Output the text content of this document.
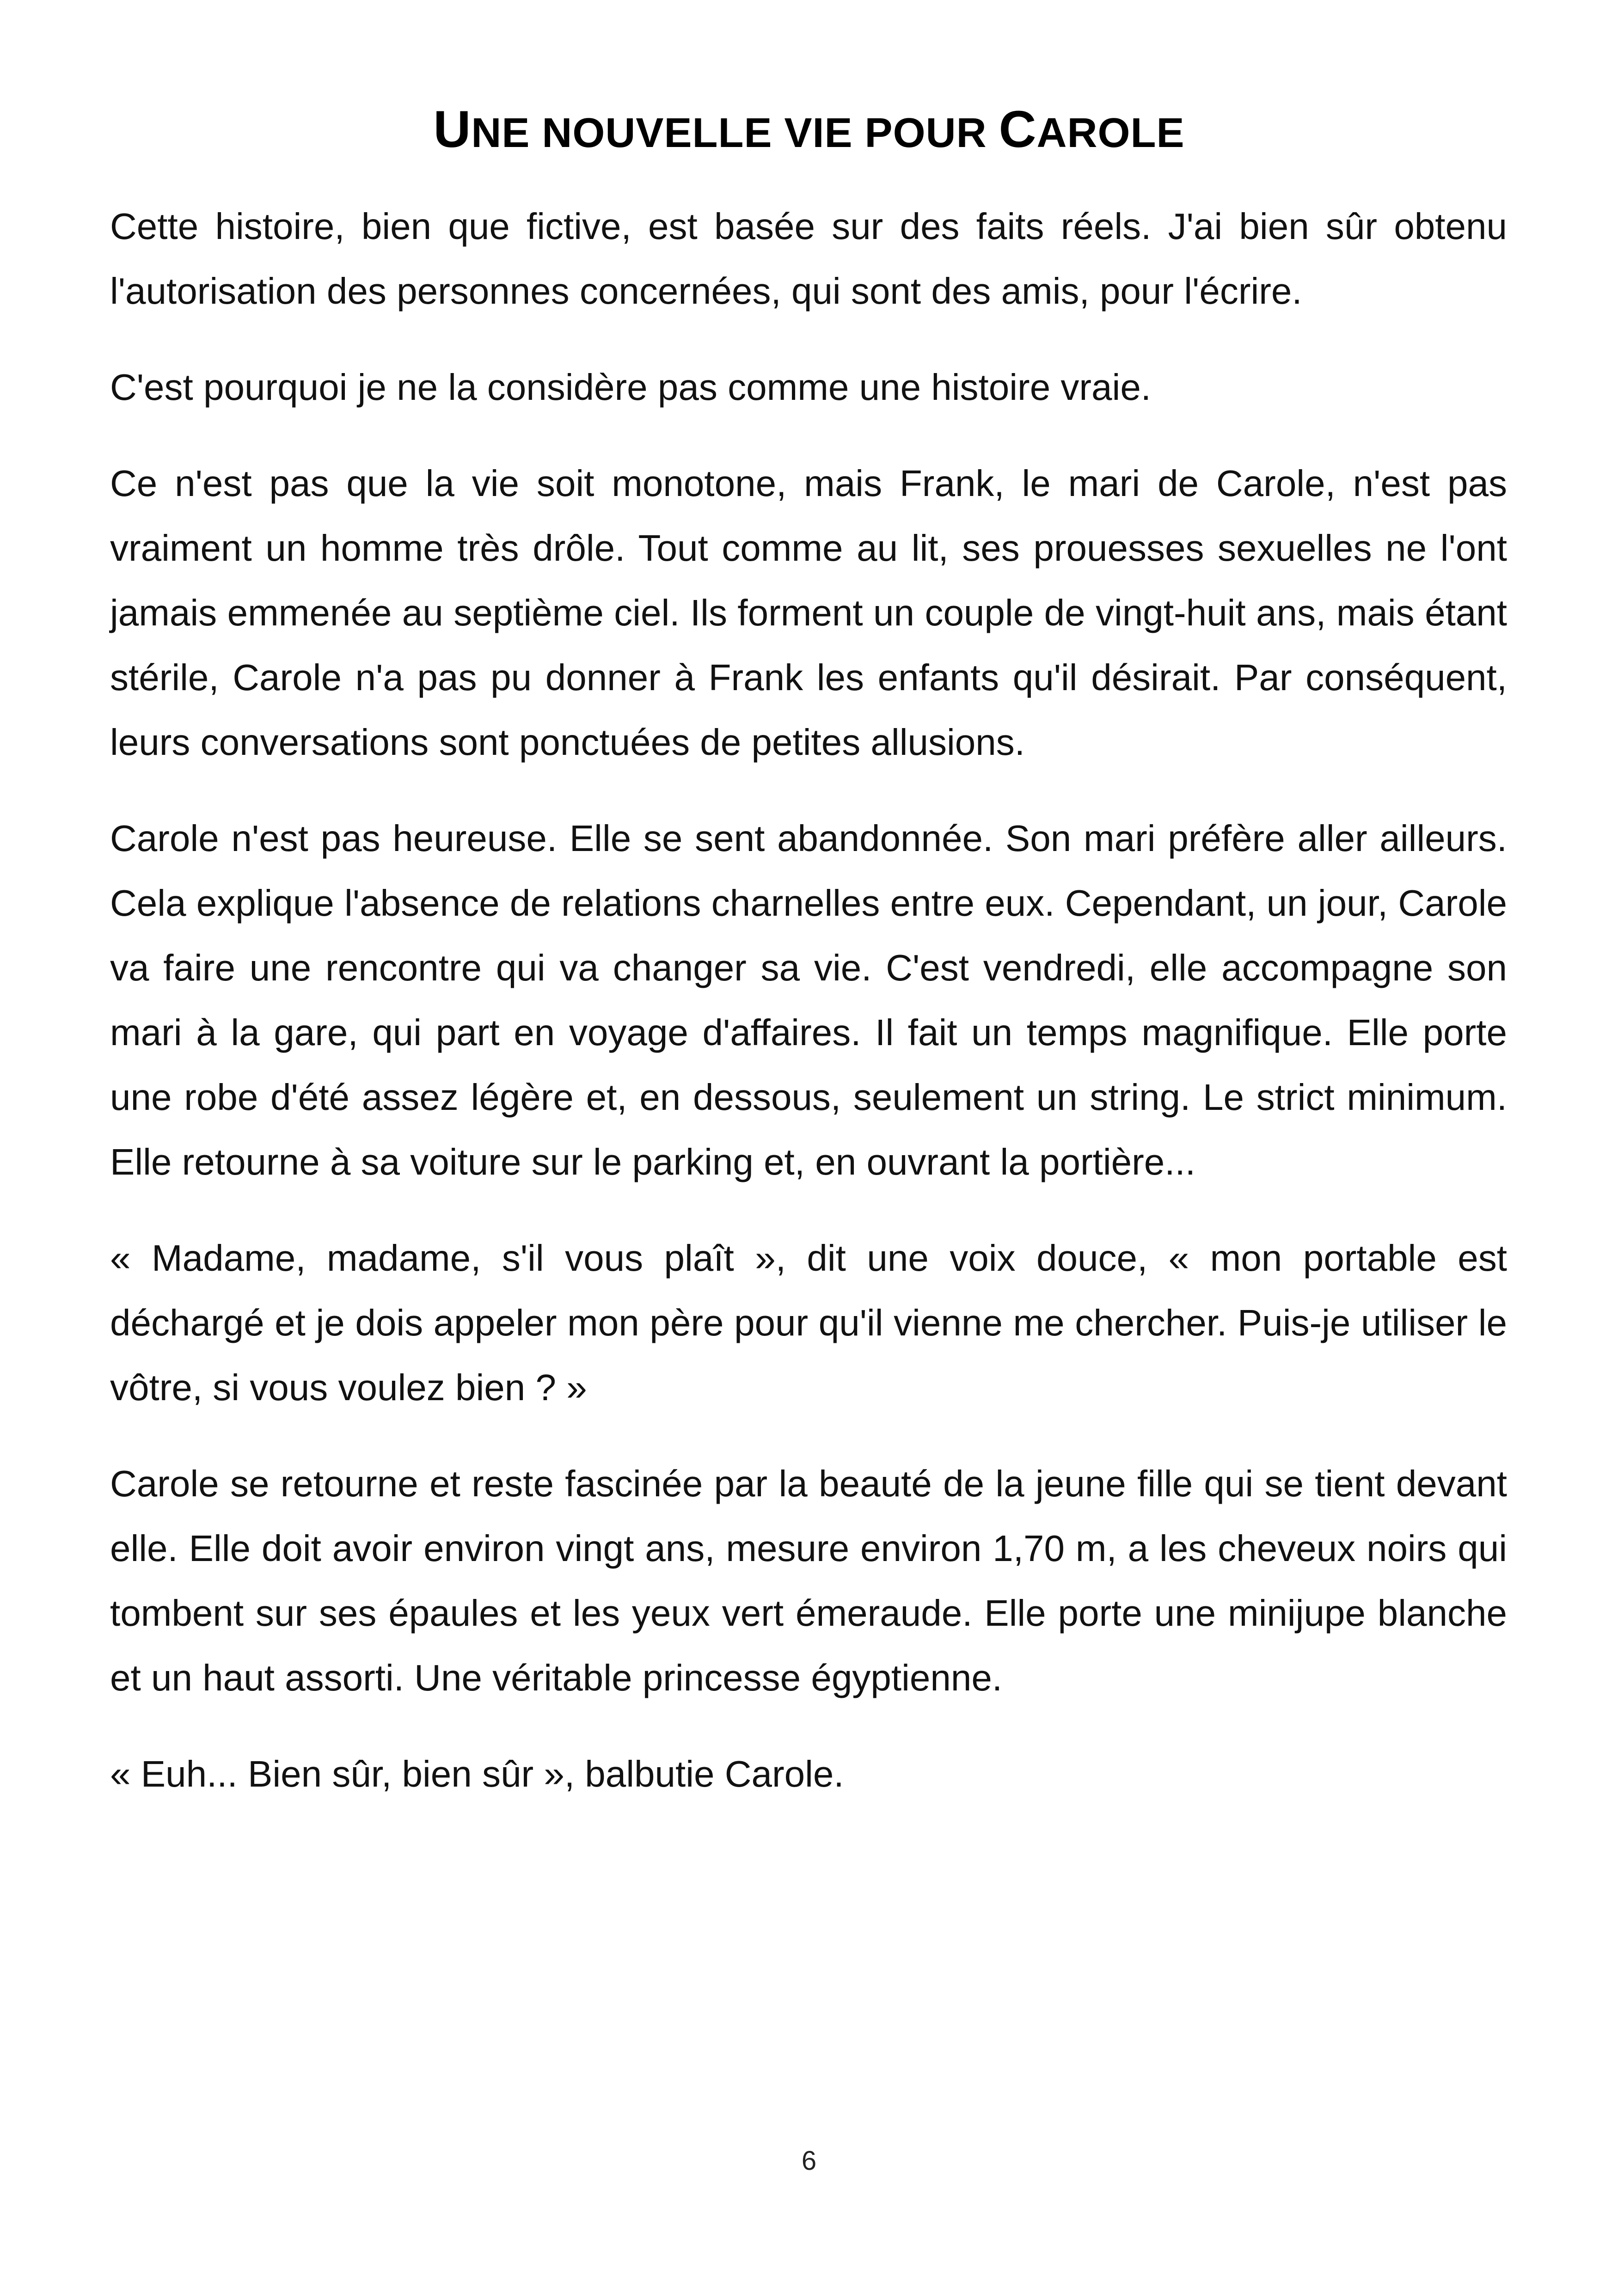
UNE NOUVELLE VIE POUR CAROLE

Cette histoire, bien que fictive, est basée sur des faits réels. J'ai bien sûr obtenu l'autorisation des personnes concernées, qui sont des amis, pour l'écrire.

C'est pourquoi je ne la considère pas comme une histoire vraie.

Ce n'est pas que la vie soit monotone, mais Frank, le mari de Carole, n'est pas vraiment un homme très drôle. Tout comme au lit, ses prouesses sexuelles ne l'ont jamais emmenée au septième ciel. Ils forment un couple de vingt-huit ans, mais étant stérile, Carole n'a pas pu donner à Frank les enfants qu'il désirait. Par conséquent, leurs conversations sont ponctuées de petites allusions.

Carole n'est pas heureuse. Elle se sent abandonnée. Son mari préfère aller ailleurs. Cela explique l'absence de relations charnelles entre eux. Cependant, un jour, Carole va faire une rencontre qui va changer sa vie. C'est vendredi, elle accompagne son mari à la gare, qui part en voyage d'affaires. Il fait un temps magnifique. Elle porte une robe d'été assez légère et, en dessous, seulement un string. Le strict minimum. Elle retourne à sa voiture sur le parking et, en ouvrant la portière...

« Madame, madame, s'il vous plaît », dit une voix douce, « mon portable est déchargé et je dois appeler mon père pour qu'il vienne me chercher. Puis-je utiliser le vôtre, si vous voulez bien ? »

Carole se retourne et reste fascinée par la beauté de la jeune fille qui se tient devant elle. Elle doit avoir environ vingt ans, mesure environ 1,70 m, a les cheveux noirs qui tombent sur ses épaules et les yeux vert émeraude. Elle porte une minijupe blanche et un haut assorti. Une véritable princesse égyptienne.

« Euh... Bien sûr, bien sûr », balbutie Carole.

6
